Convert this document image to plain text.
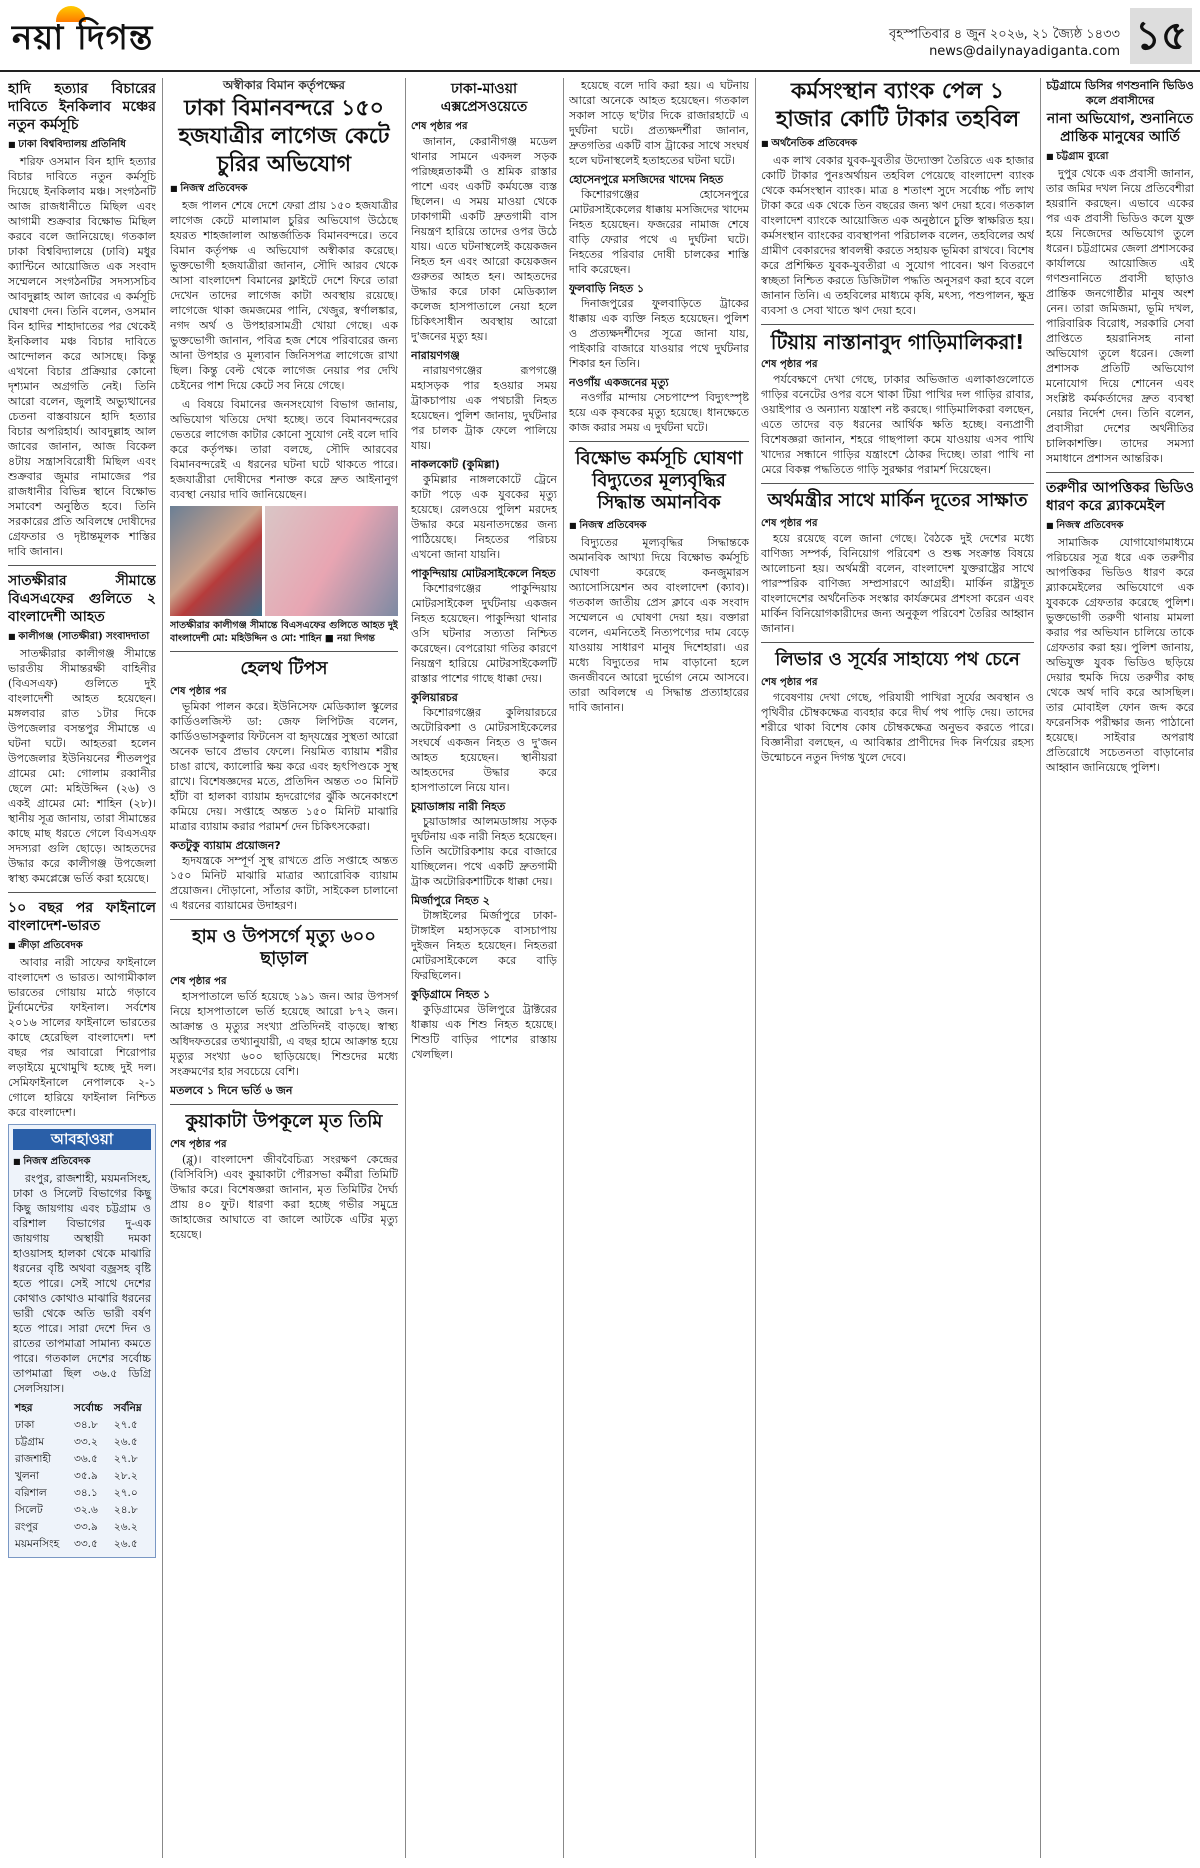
নয়া দিগন্ত	বৃহস্পতিবার ৪ জুন ২০২৬, ২১ জ্যৈষ্ঠ ১৪৩৩
news@dailynayadiganta.com ১৫
হাদি হত্যার বিচারের দাবিতে ইনকিলাব মঞ্চের নতুন কর্মসূচি
■ ঢাকা বিশ্ববিদ্যালয় প্রতিনিধি

শরিফ ওসমান বিন হাদি হত্যার বিচার দাবিতে নতুন কর্মসূচি দিয়েছে ইনকিলাব মঞ্চ। সংগঠনটি আজ রাজধানীতে মিছিল এবং আগামী শুক্রবার বিক্ষোভ মিছিল করবে বলে জানিয়েছে। গতকাল ঢাকা বিশ্ববিদ্যালয়ে (ঢাবি) মধুর ক্যান্টিনে আয়োজিত এক সংবাদ সম্মেলনে সংগঠনটির সদস্যসচিব আবদুল্লাহ আল জাবের এ কর্মসূচি ঘোষণা দেন। তিনি বলেন, ওসমান বিন হাদির শাহাদাতের পর থেকেই ইনকিলাব মঞ্চ বিচার দাবিতে আন্দোলন করে আসছে। কিন্তু এখনো বিচার প্রক্রিয়ার কোনো দৃশ্যমান অগ্রগতি নেই। তিনি আরো বলেন, জুলাই অভ্যুত্থানের চেতনা বাস্তবায়নে হাদি হত্যার বিচার অপরিহার্য। আবদুল্লাহ আল জাবের জানান, আজ বিকেল ৪টায় সন্ত্রাসবিরোধী মিছিল এবং শুক্রবার জুমার নামাজের পর রাজধানীর বিভিন্ন স্থানে বিক্ষোভ সমাবেশ অনুষ্ঠিত হবে। তিনি সরকারের প্রতি অবিলম্বে দোষীদের গ্রেফতার ও দৃষ্টান্তমূলক শাস্তির দাবি জানান।

সাতক্ষীরার সীমান্তে বিএসএফের গুলিতে ২ বাংলাদেশী আহত
■ কালীগঞ্জ (সাতক্ষীরা) সংবাদদাতা

সাতক্ষীরার কালীগঞ্জ সীমান্তে ভারতীয় সীমান্তরক্ষী বাহিনীর (বিএসএফ) গুলিতে দুই বাংলাদেশী আহত হয়েছেন। মঙ্গলবার রাত ১টার দিকে উপজেলার বসন্তপুর সীমান্তে এ ঘটনা ঘটে। আহতরা হলেন উপজেলার ইউনিয়নের শীতলপুর গ্রামের মো: গোলাম রব্বানীর ছেলে মো: মহিউদ্দিন (২৬) ও একই গ্রামের মো: শাহিন (২৮)। স্থানীয় সূত্র জানায়, তারা সীমান্তের কাছে মাছ ধরতে গেলে বিএসএফ সদস্যরা গুলি ছোড়ে। আহতদের উদ্ধার করে কালীগঞ্জ উপজেলা স্বাস্থ্য কমপ্লেক্সে ভর্তি করা হয়েছে।

১০ বছর পর ফাইনালে বাংলাদেশ-ভারত
■ ক্রীড়া প্রতিবেদক

আবার নারী সাফের ফাইনালে বাংলাদেশ ও ভারত। আগামীকাল ভারতের গোয়ায় মাঠে গড়াবে টুর্নামেন্টের ফাইনাল। সর্বশেষ ২০১৬ সালের ফাইনালে ভারতের কাছে হেরেছিল বাংলাদেশ। দশ বছর পর আবারো শিরোপার লড়াইয়ে মুখোমুখি হচ্ছে দুই দল। সেমিফাইনালে নেপালকে ২-১ গোলে হারিয়ে ফাইনাল নিশ্চিত করে বাংলাদেশ।

আবহাওয়া
■ নিজস্ব প্রতিবেদক

রংপুর, রাজশাহী, ময়মনসিংহ, ঢাকা ও সিলেট বিভাগের কিছু কিছু জায়গায় এবং চট্টগ্রাম ও বরিশাল বিভাগের দু-এক জায়গায় অস্থায়ী দমকা হাওয়াসহ হালকা থেকে মাঝারি ধরনের বৃষ্টি অথবা বজ্রসহ বৃষ্টি হতে পারে। সেই সাথে দেশের কোথাও কোথাও মাঝারি ধরনের ভারী থেকে অতি ভারী বর্ষণ হতে পারে। সারা দেশে দিন ও রাতের তাপমাত্রা সামান্য কমতে পারে। গতকাল দেশের সর্বোচ্চ তাপমাত্রা ছিল ৩৬.৫ ডিগ্রি সেলসিয়াস।

শহর	সর্বোচ্চ	সর্বনিম্ন
ঢাকা	৩৪.৮	২৭.৫
চট্টগ্রাম	৩৩.২	২৬.৫
রাজশাহী	৩৬.৫	২৭.৮
খুলনা	৩৫.৯	২৮.২
বরিশাল	৩৪.১	২৭.০
সিলেট	৩২.৬	২৪.৮
রংপুর	৩৩.৯	২৬.২
ময়মনসিংহ	৩৩.৫	২৬.৫
অস্বীকার বিমান কর্তৃপক্ষের
ঢাকা বিমানবন্দরে ১৫০ হজযাত্রীর লাগেজ কেটে চুরির অভিযোগ
■ নিজস্ব প্রতিবেদক

হজ পালন শেষে দেশে ফেরা প্রায় ১৫০ হজযাত্রীর লাগেজ কেটে মালামাল চুরির অভিযোগ উঠেছে হযরত শাহজালাল আন্তর্জাতিক বিমানবন্দরে। তবে বিমান কর্তৃপক্ষ এ অভিযোগ অস্বীকার করেছে। ভুক্তভোগী হজযাত্রীরা জানান, সৌদি আরব থেকে আসা বাংলাদেশ বিমানের ফ্লাইটে দেশে ফিরে তারা দেখেন তাদের লাগেজ কাটা অবস্থায় রয়েছে। লাগেজে থাকা জমজমের পানি, খেজুর, স্বর্ণালঙ্কার, নগদ অর্থ ও উপহারসামগ্রী খোয়া গেছে। এক ভুক্তভোগী জানান, পবিত্র হজ শেষে পরিবারের জন্য আনা উপহার ও মূল্যবান জিনিসপত্র লাগেজে রাখা ছিল। কিন্তু বেল্ট থেকে লাগেজ নেয়ার পর দেখি চেইনের পাশ দিয়ে কেটে সব নিয়ে গেছে।

এ বিষয়ে বিমানের জনসংযোগ বিভাগ জানায়, অভিযোগ খতিয়ে দেখা হচ্ছে। তবে বিমানবন্দরের ভেতরে লাগেজ কাটার কোনো সুযোগ নেই বলে দাবি করে কর্তৃপক্ষ। তারা বলছে, সৌদি আরবের বিমানবন্দরেই এ ধরনের ঘটনা ঘটে থাকতে পারে। হজযাত্রীরা দোষীদের শনাক্ত করে দ্রুত আইনানুগ ব্যবস্থা নেয়ার দাবি জানিয়েছেন।

সাতক্ষীরার কালীগঞ্জ সীমান্তে বিএসএফের গুলিতে আহত দুই বাংলাদেশী মো: মহিউদ্দিন ও মো: শাহিন ■ নয়া দিগন্ত
হেলথ টিপস
শেষ পৃষ্ঠার পর

ভূমিকা পালন করে। ইউনিসেফ মেডিক্যাল স্কুলের কার্ডিওলজিস্ট ডা: জেফ লিপিটজ বলেন, কার্ডিওভাসকুলার ফিটনেস বা হৃদ্‌যন্ত্রের সুস্থতা আরো অনেক ভাবে প্রভাব ফেলে। নিয়মিত ব্যায়াম শরীর চাঙা রাখে, ক্যালোরি ক্ষয় করে এবং হৃৎপিণ্ডকে সুস্থ রাখে। বিশেষজ্ঞদের মতে, প্রতিদিন অন্তত ৩০ মিনিট হাঁটা বা হালকা ব্যায়াম হৃদরোগের ঝুঁকি অনেকাংশে কমিয়ে দেয়। সপ্তাহে অন্তত ১৫০ মিনিট মাঝারি মাত্রার ব্যায়াম করার পরামর্শ দেন চিকিৎসকেরা।

কতটুকু ব্যায়াম প্রয়োজন?

হৃদযন্ত্রকে সম্পূর্ণ সুস্থ রাখতে প্রতি সপ্তাহে অন্তত ১৫০ মিনিট মাঝারি মাত্রার অ্যারোবিক ব্যায়াম প্রয়োজন। দৌড়ানো, সাঁতার কাটা, সাইকেল চালানো এ ধরনের ব্যায়ামের উদাহরণ।

হাম ও উপসর্গে মৃত্যু ৬০০ ছাড়াল
শেষ পৃষ্ঠার পর

হাসপাতালে ভর্তি হয়েছে ১৯১ জন। আর উপসর্গ নিয়ে হাসপাতালে ভর্তি হয়েছে আরো ৮৭২ জন। আক্রান্ত ও মৃত্যুর সংখ্যা প্রতিদিনই বাড়ছে। স্বাস্থ্য অধিদফতরের তথ্যানুযায়ী, এ বছর হামে আক্রান্ত হয়ে মৃত্যুর সংখ্যা ৬০০ ছাড়িয়েছে। শিশুদের মধ্যে সংক্রমণের হার সবচেয়ে বেশি।

মতলবে ১ দিনে ভর্তি ৬ জন
কুয়াকাটা উপকূলে মৃত তিমি
শেষ পৃষ্ঠার পর

(ব্লু)। বাংলাদেশ জীববৈচিত্র্য সংরক্ষণ কেন্দ্রের (বিসিবিসি) এবং কুয়াকাটা পৌরসভা কর্মীরা তিমিটি উদ্ধার করে। বিশেষজ্ঞরা জানান, মৃত তিমিটির দৈর্ঘ্য প্রায় ৪০ ফুট। ধারণা করা হচ্ছে গভীর সমুদ্রে জাহাজের আঘাতে বা জালে আটকে এটির মৃত্যু হয়েছে।

ঢাকা-মাওয়া এক্সপ্রেসওয়েতে
শেষ পৃষ্ঠার পর

জানান, কেরানীগঞ্জ মডেল থানার সামনে একদল সড়ক পরিচ্ছন্নতাকর্মী ও শ্রমিক রাস্তার পাশে এবং একটি কর্মযজ্ঞে ব্যস্ত ছিলেন। এ সময় মাওয়া থেকে ঢাকাগামী একটি দ্রুতগামী বাস নিয়ন্ত্রণ হারিয়ে তাদের ওপর উঠে যায়। এতে ঘটনাস্থলেই কয়েকজন নিহত হন এবং আরো কয়েকজন গুরুতর আহত হন। আহতদের উদ্ধার করে ঢাকা মেডিক্যাল কলেজ হাসপাতালে নেয়া হলে চিকিৎসাধীন অবস্থায় আরো দু'জনের মৃত্যু হয়।

নারায়ণগঞ্জ

নারায়ণগঞ্জের রূপগঞ্জে মহাসড়ক পার হওয়ার সময় ট্রাকচাপায় এক পথচারী নিহত হয়েছেন। পুলিশ জানায়, দুর্ঘটনার পর চালক ট্রাক ফেলে পালিয়ে যায়।

নাকলকোট (কুমিল্লা)

কুমিল্লার নাঙ্গলকোটে ট্রেনে কাটা পড়ে এক যুবকের মৃত্যু হয়েছে। রেলওয়ে পুলিশ মরদেহ উদ্ধার করে ময়নাতদন্তের জন্য পাঠিয়েছে। নিহতের পরিচয় এখনো জানা যায়নি।

পাকুন্দিয়ায় মোটরসাইকেলে নিহত

কিশোরগঞ্জের পাকুন্দিয়ায় মোটরসাইকেল দুর্ঘটনায় একজন নিহত হয়েছেন। পাকুন্দিয়া থানার ওসি ঘটনার সত্যতা নিশ্চিত করেছেন। বেপরোয়া গতির কারণে নিয়ন্ত্রণ হারিয়ে মোটরসাইকেলটি রাস্তার পাশের গাছে ধাক্কা দেয়।

কুলিয়ারচর

কিশোরগঞ্জের কুলিয়ারচরে অটোরিকশা ও মোটরসাইকেলের সংঘর্ষে একজন নিহত ও দু'জন আহত হয়েছেন। স্থানীয়রা আহতদের উদ্ধার করে হাসপাতালে নিয়ে যান।

চুয়াডাঙ্গায় নারী নিহত

চুয়াডাঙ্গার আলমডাঙ্গায় সড়ক দুর্ঘটনায় এক নারী নিহত হয়েছেন। তিনি অটোরিকশায় করে বাজারে যাচ্ছিলেন। পথে একটি দ্রুতগামী ট্রাক অটোরিকশাটিকে ধাক্কা দেয়।

মির্জাপুরে নিহত ২

টাঙ্গাইলের মির্জাপুরে ঢাকা-টাঙ্গাইল মহাসড়কে বাসচাপায় দুইজন নিহত হয়েছেন। নিহতরা মোটরসাইকেলে করে বাড়ি ফিরছিলেন।

কুড়িগ্রামে নিহত ১

কুড়িগ্রামের উলিপুরে ট্রাক্টরের ধাক্কায় এক শিশু নিহত হয়েছে। শিশুটি বাড়ির পাশের রাস্তায় খেলছিল।

হয়েছে বলে দাবি করা হয়। এ ঘটনায় আরো অনেকে আহত হয়েছেন। গতকাল সকাল সাড়ে ছ'টার দিকে রাজারহাটে এ দুর্ঘটনা ঘটে। প্রত্যক্ষদর্শীরা জানান, দ্রুতগতির একটি বাস ট্রাকের সাথে সংঘর্ষ হলে ঘটনাস্থলেই হতাহতের ঘটনা ঘটে।

হোসেনপুরে মসজিদের খাদেম নিহত

কিশোরগঞ্জের হোসেনপুরে মোটরসাইকেলের ধাক্কায় মসজিদের খাদেম নিহত হয়েছেন। ফজরের নামাজ শেষে বাড়ি ফেরার পথে এ দুর্ঘটনা ঘটে। নিহতের পরিবার দোষী চালকের শাস্তি দাবি করেছেন।

ফুলবাড়ি নিহত ১

দিনাজপুরের ফুলবাড়িতে ট্রাকের ধাক্কায় এক ব্যক্তি নিহত হয়েছেন। পুলিশ ও প্রত্যক্ষদর্শীদের সূত্রে জানা যায়, পাইকারি বাজারে যাওয়ার পথে দুর্ঘটনার শিকার হন তিনি।

নওগাঁয় একজনের মৃত্যু

নওগাঁর মান্দায় সেচপাম্পে বিদ্যুৎস্পৃষ্ট হয়ে এক কৃষকের মৃত্যু হয়েছে। ধানক্ষেতে কাজ করার সময় এ দুর্ঘটনা ঘটে।

বিক্ষোভ কর্মসূচি ঘোষণা বিদ্যুতের মূল্যবৃদ্ধির সিদ্ধান্ত অমানবিক
■ নিজস্ব প্রতিবেদক

বিদ্যুতের মূল্যবৃদ্ধির সিদ্ধান্তকে অমানবিক আখ্যা দিয়ে বিক্ষোভ কর্মসূচি ঘোষণা করেছে কনজুমারস অ্যাসোসিয়েশন অব বাংলাদেশ (ক্যাব)। গতকাল জাতীয় প্রেস ক্লাবে এক সংবাদ সম্মেলনে এ ঘোষণা দেয়া হয়। বক্তারা বলেন, এমনিতেই নিত্যপণ্যের দাম বেড়ে যাওয়ায় সাধারণ মানুষ দিশেহারা। এর মধ্যে বিদ্যুতের দাম বাড়ানো হলে জনজীবনে আরো দুর্ভোগ নেমে আসবে। তারা অবিলম্বে এ সিদ্ধান্ত প্রত্যাহারের দাবি জানান।

কর্মসংস্থান ব্যাংক পেল ১ হাজার কোটি টাকার তহবিল
■ অর্থনৈতিক প্রতিবেদক

এক লাখ বেকার যুবক-যুবতীর উদ্যোক্তা তৈরিতে এক হাজার কোটি টাকার পুনঃঅর্থায়ন তহবিল পেয়েছে বাংলাদেশ ব্যাংক থেকে কর্মসংস্থান ব্যাংক। মাত্র ৪ শতাংশ সুদে সর্বোচ্চ পাঁচ লাখ টাকা করে এক থেকে তিন বছরের জন্য ঋণ দেয়া হবে। গতকাল বাংলাদেশ ব্যাংকে আয়োজিত এক অনুষ্ঠানে চুক্তি স্বাক্ষরিত হয়। কর্মসংস্থান ব্যাংকের ব্যবস্থাপনা পরিচালক বলেন, তহবিলের অর্থ গ্রামীণ বেকারদের স্বাবলম্বী করতে সহায়ক ভূমিকা রাখবে। বিশেষ করে প্রশিক্ষিত যুবক-যুবতীরা এ সুযোগ পাবেন। ঋণ বিতরণে স্বচ্ছতা নিশ্চিত করতে ডিজিটাল পদ্ধতি অনুসরণ করা হবে বলে জানান তিনি। এ তহবিলের মাধ্যমে কৃষি, মৎস্য, পশুপালন, ক্ষুদ্র ব্যবসা ও সেবা খাতে ঋণ দেয়া হবে।

টিয়ায় নাস্তানাবুদ গাড়িমালিকরা!
শেষ পৃষ্ঠার পর

পর্যবেক্ষণে দেখা গেছে, ঢাকার অভিজাত এলাকাগুলোতে গাড়ির বনেটের ওপর বসে থাকা টিয়া পাখির দল গাড়ির রাবার, ওয়াইপার ও অন্যান্য যন্ত্রাংশ নষ্ট করছে। গাড়িমালিকরা বলছেন, এতে তাদের বড় ধরনের আর্থিক ক্ষতি হচ্ছে। বন্যপ্রাণী বিশেষজ্ঞরা জানান, শহরে গাছপালা কমে যাওয়ায় এসব পাখি খাদ্যের সন্ধানে গাড়ির যন্ত্রাংশে ঠোকর দিচ্ছে। তারা পাখি না মেরে বিকল্প পদ্ধতিতে গাড়ি সুরক্ষার পরামর্শ দিয়েছেন।

অর্থমন্ত্রীর সাথে মার্কিন দূতের সাক্ষাত
শেষ পৃষ্ঠার পর

হয়ে রয়েছে বলে জানা গেছে। বৈঠকে দুই দেশের মধ্যে বাণিজ্য সম্পর্ক, বিনিয়োগ পরিবেশ ও শুল্ক সংক্রান্ত বিষয়ে আলোচনা হয়। অর্থমন্ত্রী বলেন, বাংলাদেশ যুক্তরাষ্ট্রের সাথে পারস্পরিক বাণিজ্য সম্প্রসারণে আগ্রহী। মার্কিন রাষ্ট্রদূত বাংলাদেশের অর্থনৈতিক সংস্কার কার্যক্রমের প্রশংসা করেন এবং মার্কিন বিনিয়োগকারীদের জন্য অনুকূল পরিবেশ তৈরির আহ্বান জানান।

লিভার ও সূর্যের সাহায্যে পথ চেনে
শেষ পৃষ্ঠার পর

গবেষণায় দেখা গেছে, পরিযায়ী পাখিরা সূর্যের অবস্থান ও পৃথিবীর চৌম্বকক্ষেত্র ব্যবহার করে দীর্ঘ পথ পাড়ি দেয়। তাদের শরীরে থাকা বিশেষ কোষ চৌম্বকক্ষেত্র অনুভব করতে পারে। বিজ্ঞানীরা বলছেন, এ আবিষ্কার প্রাণীদের দিক নির্ণয়ের রহস্য উন্মোচনে নতুন দিগন্ত খুলে দেবে।

চট্টগ্রামে ডিসির গণশুনানি ভিডিও কলে প্রবাসীদের
নানা অভিযোগ, শুনানিতে প্রান্তিক মানুষের আর্তি
■ চট্টগ্রাম ব্যুরো

দুপুর থেকে এক প্রবাসী জানান, তার জমির দখল নিয়ে প্রতিবেশীরা হয়রানি করছেন। এভাবে একের পর এক প্রবাসী ভিডিও কলে যুক্ত হয়ে নিজেদের অভিযোগ তুলে ধরেন। চট্টগ্রামের জেলা প্রশাসকের কার্যালয়ে আয়োজিত এই গণশুনানিতে প্রবাসী ছাড়াও প্রান্তিক জনগোষ্ঠীর মানুষ অংশ নেন। তারা জমিজমা, ভূমি দখল, পারিবারিক বিরোধ, সরকারি সেবা প্রাপ্তিতে হয়রানিসহ নানা অভিযোগ তুলে ধরেন। জেলা প্রশাসক প্রতিটি অভিযোগ মনোযোগ দিয়ে শোনেন এবং সংশ্লিষ্ট কর্মকর্তাদের দ্রুত ব্যবস্থা নেয়ার নির্দেশ দেন। তিনি বলেন, প্রবাসীরা দেশের অর্থনীতির চালিকাশক্তি। তাদের সমস্যা সমাধানে প্রশাসন আন্তরিক।

তরুণীর আপত্তিকর ভিডিও ধারণ করে ব্ল্যাকমেইল
■ নিজস্ব প্রতিবেদক

সামাজিক যোগাযোগমাধ্যমে পরিচয়ের সূত্র ধরে এক তরুণীর আপত্তিকর ভিডিও ধারণ করে ব্ল্যাকমেইলের অভিযোগে এক যুবককে গ্রেফতার করেছে পুলিশ। ভুক্তভোগী তরুণী থানায় মামলা করার পর অভিযান চালিয়ে তাকে গ্রেফতার করা হয়। পুলিশ জানায়, অভিযুক্ত যুবক ভিডিও ছড়িয়ে দেয়ার হুমকি দিয়ে তরুণীর কাছ থেকে অর্থ দাবি করে আসছিল। তার মোবাইল ফোন জব্দ করে ফরেনসিক পরীক্ষার জন্য পাঠানো হয়েছে। সাইবার অপরাধ প্রতিরোধে সচেতনতা বাড়ানোর আহ্বান জানিয়েছে পুলিশ।
